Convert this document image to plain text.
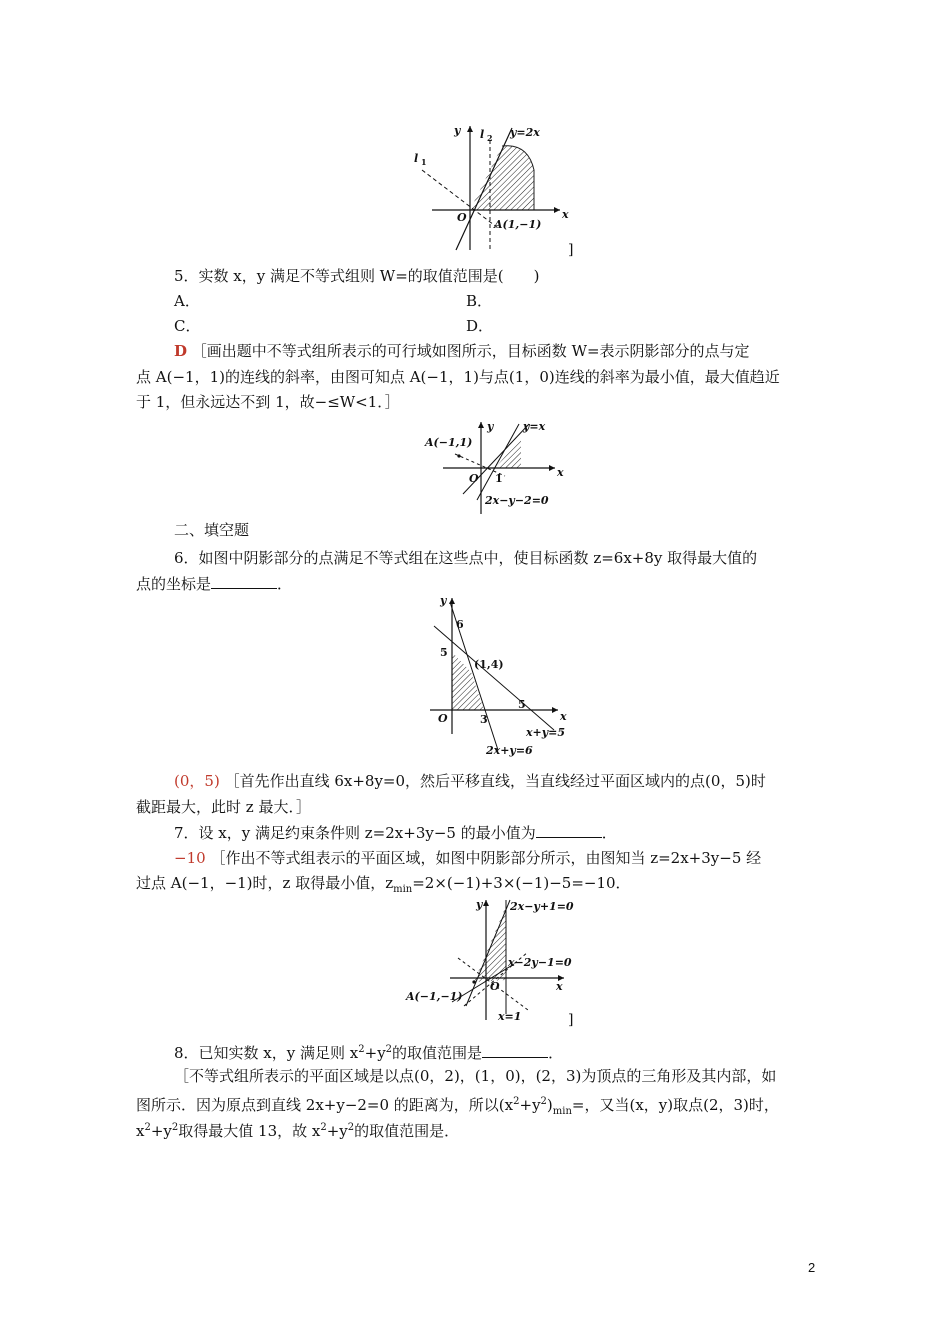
y
x
O
l 1
l 2 y=2x
A(1,−1)
]
5．实数 x，y 满足不等式组则 W=的取值范围是(　　)
A．	B．
C．	D．
D ［画出题中不等式组所表示的可行域如图所示，目标函数 W=表示阴影部分的点与定
点 A(−1，1)的连线的斜率，由图可知点 A(−1，1)与点(1，0)连线的斜率为最小值，最大值趋近
于 1，但永远达不到 1，故−≤W<1．］
y
x
O
A(−1,1)
y=x
1
2x−y−2=0
二、填空题
6．如图中阴影部分的点满足不等式组在这些点中，使目标函数 z=6x+8y 取得最大值的
点的坐标是	．
y
x
O
6
5
3
5
(1,4)
x+y=5
2x+y=6
(0，5) ［首先作出直线 6x+8y=0，然后平移直线，当直线经过平面区域内的点(0，5)时
截距最大，此时 z 最大．］
7．设 x，y 满足约束条件则 z=2x+3y−5 的最小值为	．
−10 ［作出不等式组表示的平面区域，如图中阴影部分所示，由图知当 z=2x+3y−5 经
过点 A(−1，−1)时，z 取得最小值，$z_{min}=2\times(-1)+3\times(-1)-5=-10$．
y
x
O
2x−y+1=0
x−2y−1=0
x=1
A(−1,−1)
]
8．已知实数 x，y 满足则 $x^2+y^2$的取值范围是	．
［不等式组所表示的平面区域是以点(0，2)，(1，0)，(2，3)为顶点的三角形及其内部，如
图所示．因为原点到直线 2x+y−2=0 的距离为，所以$(x^2+y^2)_{min}=$，又当(x，y)取点(2，3)时，
$x^2+y^2$取得最大值 13，故 $x^2+y^2$的取值范围是．
2
